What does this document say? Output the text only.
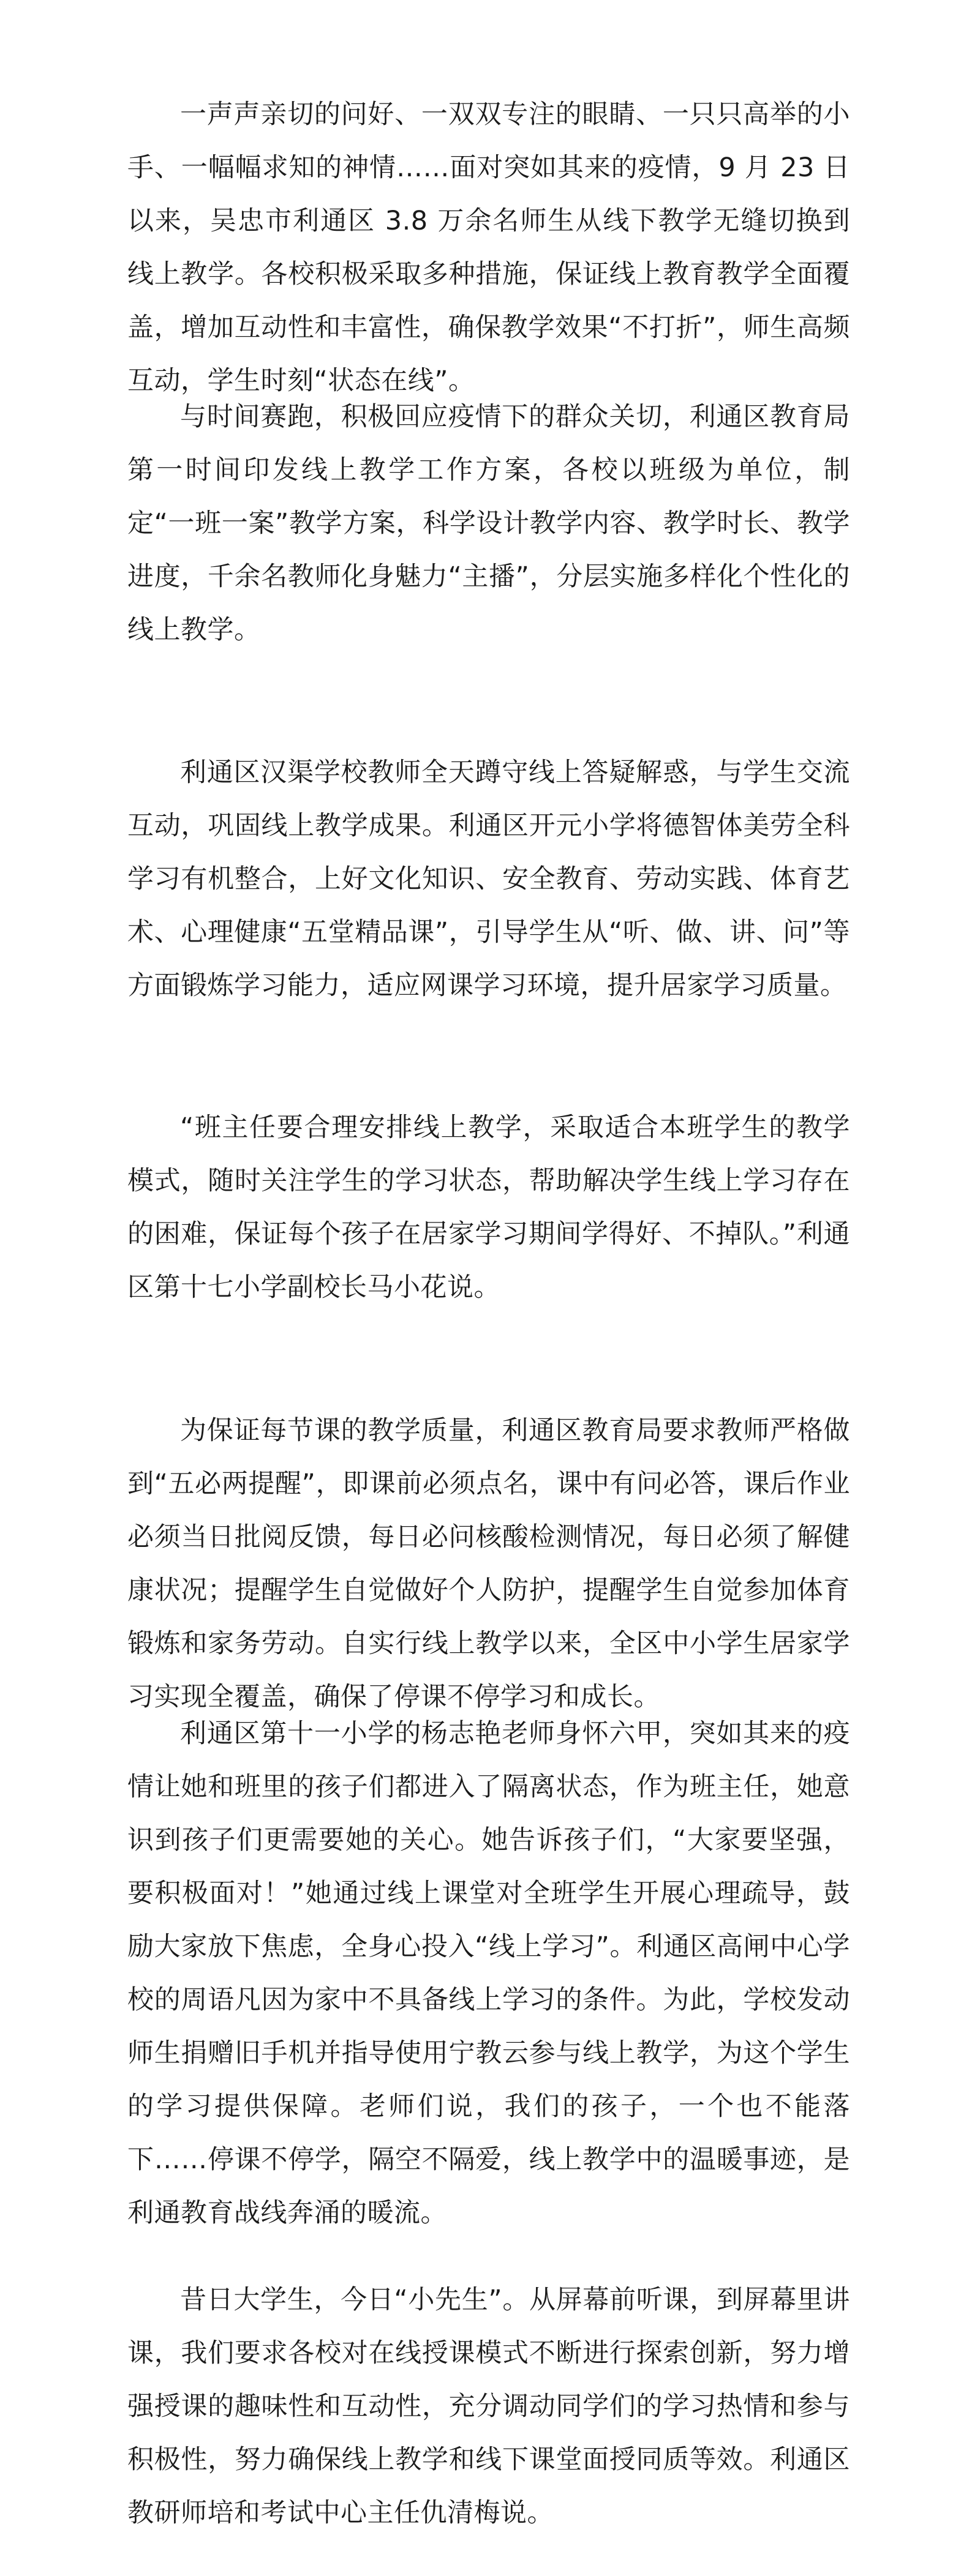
一声声亲切的问好、一双双专注的眼睛、一只只高举的小手、一幅幅求知的神情……面对突如其来的疫情，9 月 23 日以来，吴忠市利通区 3.8 万余名师生从线下教学无缝切换到线上教学。各校积极采取多种措施，保证线上教育教学全面覆盖，增加互动性和丰富性，确保教学效果“不打折”，师生高频互动，学生时刻“状态在线”。

与时间赛跑，积极回应疫情下的群众关切，利通区教育局第一时间印发线上教学工作方案，各校以班级为单位，制定“一班一案”教学方案，科学设计教学内容、教学时长、教学进度，千余名教师化身魅力“主播”，分层实施多样化个性化的线上教学。

利通区汉渠学校教师全天蹲守线上答疑解惑，与学生交流互动，巩固线上教学成果。利通区开元小学将德智体美劳全科学习有机整合，上好文化知识、安全教育、劳动实践、体育艺术、心理健康“五堂精品课”，引导学生从“听、做、讲、问”等方面锻炼学习能力，适应网课学习环境，提升居家学习质量。

“班主任要合理安排线上教学，采取适合本班学生的教学模式，随时关注学生的学习状态，帮助解决学生线上学习存在的困难，保证每个孩子在居家学习期间学得好、不掉队。”利通区第十七小学副校长马小花说。

为保证每节课的教学质量，利通区教育局要求教师严格做到“五必两提醒”，即课前必须点名，课中有问必答，课后作业必须当日批阅反馈，每日必问核酸检测情况，每日必须了解健康状况；提醒学生自觉做好个人防护，提醒学生自觉参加体育锻炼和家务劳动。自实行线上教学以来，全区中小学生居家学习实现全覆盖，确保了停课不停学习和成长。

利通区第十一小学的杨志艳老师身怀六甲，突如其来的疫情让她和班里的孩子们都进入了隔离状态，作为班主任，她意识到孩子们更需要她的关心。她告诉孩子们，“大家要坚强，要积极面对！”她通过线上课堂对全班学生开展心理疏导，鼓励大家放下焦虑，全身心投入“线上学习”。利通区高闸中心学校的周语凡因为家中不具备线上学习的条件。为此，学校发动师生捐赠旧手机并指导使用宁教云参与线上教学，为这个学生的学习提供保障。老师们说，我们的孩子，一个也不能落下……停课不停学，隔空不隔爱，线上教学中的温暖事迹，是利通教育战线奔涌的暖流。

昔日大学生，今日“小先生”。从屏幕前听课，到屏幕里讲课，我们要求各校对在线授课模式不断进行探索创新，努力增强授课的趣味性和互动性，充分调动同学们的学习热情和参与积极性，努力确保线上教学和线下课堂面授同质等效。利通区教研师培和考试中心主任仇清梅说。
